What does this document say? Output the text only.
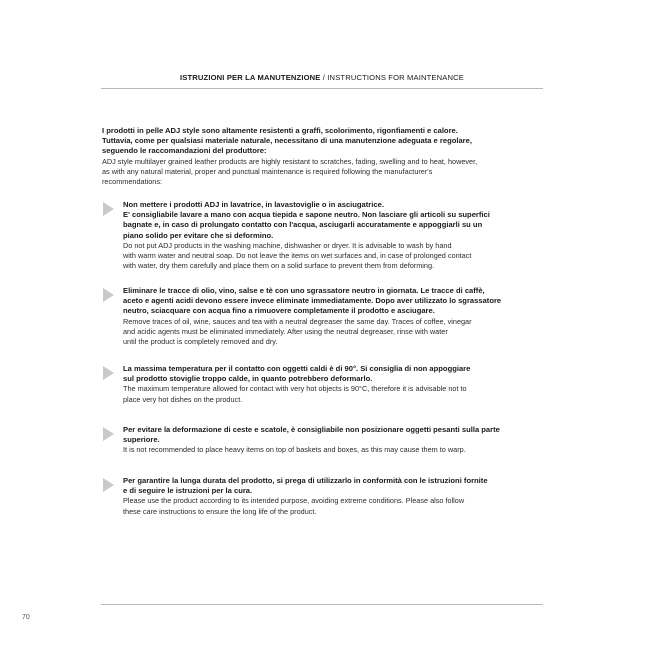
ISTRUZIONI PER LA MANUTENZIONE / INSTRUCTIONS FOR MAINTENANCE
I prodotti in pelle ADJ style sono altamente resistenti a graffi, scolorimento, rigonfiamenti e calore.
Tuttavia, come per qualsiasi materiale naturale, necessitano di una manutenzione adeguata e regolare,
seguendo le raccomandazioni del produttore:
ADJ style multilayer grained leather products are highly resistant to scratches, fading, swelling and to heat, however,
as with any natural material, proper and punctual maintenance is required following the manufacturer's
recommendations:
Non mettere i prodotti ADJ in lavatrice, in lavastoviglie o in asciugatrice.
E' consigliabile lavare a mano con acqua tiepida e sapone neutro. Non lasciare gli articoli su superfici
bagnate e, in caso di prolungato contatto con l'acqua, asciugarli accuratamente e appoggiarli su un
piano solido per evitare che si deformino.
Do not put ADJ products in the washing machine, dishwasher or dryer. It is advisable to wash by hand
with warm water and neutral soap. Do not leave the items on wet surfaces and, in case of prolonged contact
with water, dry them carefully and place them on a solid surface to prevent them from deforming.
Eliminare le tracce di olio, vino, salse e tè con uno sgrassatore neutro in giornata. Le tracce di caffè,
aceto e agenti acidi devono essere invece eliminate immediatamente. Dopo aver utilizzato lo sgrassatore
neutro, sciacquare con acqua fino a rimuovere completamente il prodotto e asciugare.
Remove traces of oil, wine, sauces and tea with a neutral degreaser the same day. Traces of coffee, vinegar
and acidic agents must be eliminated immediately. After using the neutral degreaser, rinse with water
until the product is completely removed and dry.
La massima temperatura per il contatto con oggetti caldi è di 90°. Si consiglia di non appoggiare
sul prodotto stoviglie troppo calde, in quanto potrebbero deformarlo.
The maximum temperature allowed for contact with very hot objects is 90°C, therefore it is advisable not to
place very hot dishes on the product.
Per evitare la deformazione di ceste e scatole, è consigliabile non posizionare oggetti pesanti sulla parte
superiore.
It is not recommended to place heavy items on top of baskets and boxes, as this may cause them to warp.
Per garantire la lunga durata del prodotto, si prega di utilizzarlo in conformità con le istruzioni fornite
e di seguire le istruzioni per la cura.
Please use the product according to its intended purpose, avoiding extreme conditions. Please also follow
these care instructions to ensure the long life of the product.
70
